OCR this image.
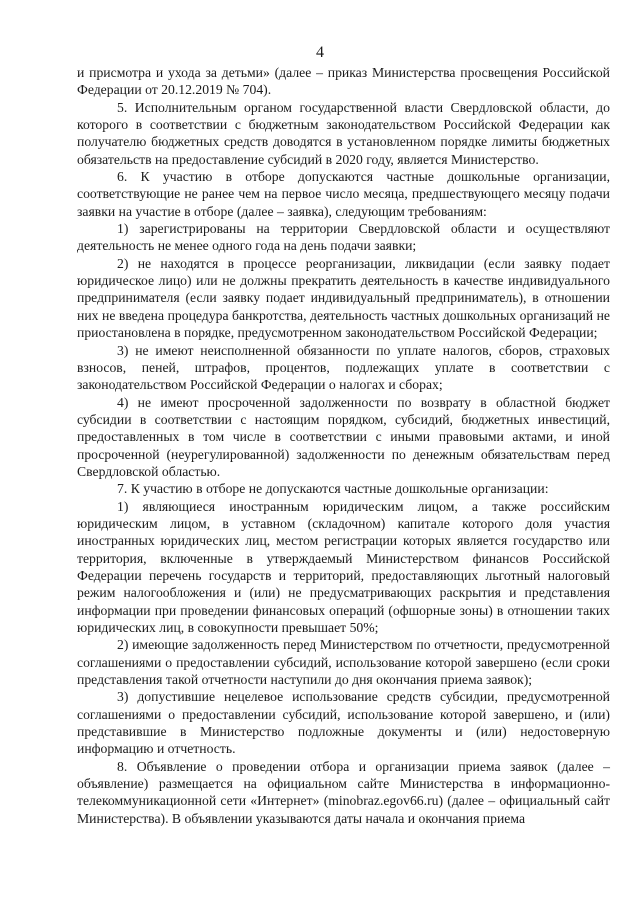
4

и присмотра и ухода за детьми» (далее – приказ Министерства просвещения Российской Федерации от 20.12.2019 № 704).

5. Исполнительным органом государственной власти Свердловской области, до которого в соответствии с бюджетным законодательством Российской Федерации как получателю бюджетных средств доводятся в установленном порядке лимиты бюджетных обязательств на предоставление субсидий в 2020 году, является Министерство.

6. К участию в отборе допускаются частные дошкольные организации, соответствующие не ранее чем на первое число месяца, предшествующего месяцу подачи заявки на участие в отборе (далее – заявка), следующим требованиям:

1) зарегистрированы на территории Свердловской области и осуществляют деятельность не менее одного года на день подачи заявки;

2) не находятся в процессе реорганизации, ликвидации (если заявку подает юридическое лицо) или не должны прекратить деятельность в качестве индивидуального предпринимателя (если заявку подает индивидуальный предприниматель), в отношении них не введена процедура банкротства, деятельность частных дошкольных организаций не приостановлена в порядке, предусмотренном законодательством Российской Федерации;

3) не имеют неисполненной обязанности по уплате налогов, сборов, страховых взносов, пеней, штрафов, процентов, подлежащих уплате в соответствии с законодательством Российской Федерации о налогах и сборах;

4) не имеют просроченной задолженности по возврату в областной бюджет субсидии в соответствии с настоящим порядком, субсидий, бюджетных инвестиций, предоставленных в том числе в соответствии с иными правовыми актами, и иной просроченной (неурегулированной) задолженности по денежным обязательствам перед Свердловской областью.

7. К участию в отборе не допускаются частные дошкольные организации:

1) являющиеся иностранным юридическим лицом, а также российским юридическим лицом, в уставном (складочном) капитале которого доля участия иностранных юридических лиц, местом регистрации которых является государство или территория, включенные в утверждаемый Министерством финансов Российской Федерации перечень государств и территорий, предоставляющих льготный налоговый режим налогообложения и (или) не предусматривающих раскрытия и представления информации при проведении финансовых операций (офшорные зоны) в отношении таких юридических лиц, в совокупности превышает 50%;

2) имеющие задолженность перед Министерством по отчетности, предусмотренной соглашениями о предоставлении субсидий, использование которой завершено (если сроки представления такой отчетности наступили до дня окончания приема заявок);

3) допустившие нецелевое использование средств субсидии, предусмотренной соглашениями о предоставлении субсидий, использование которой завершено, и (или) представившие в Министерство подложные документы и (или) недостоверную информацию и отчетность.

8. Объявление о проведении отбора и организации приема заявок (далее – объявление) размещается на официальном сайте Министерства в информационно-телекоммуникационной сети «Интернет» (minobraz.egov66.ru) (далее – официальный сайт Министерства). В объявлении указываются даты начала и окончания приема
